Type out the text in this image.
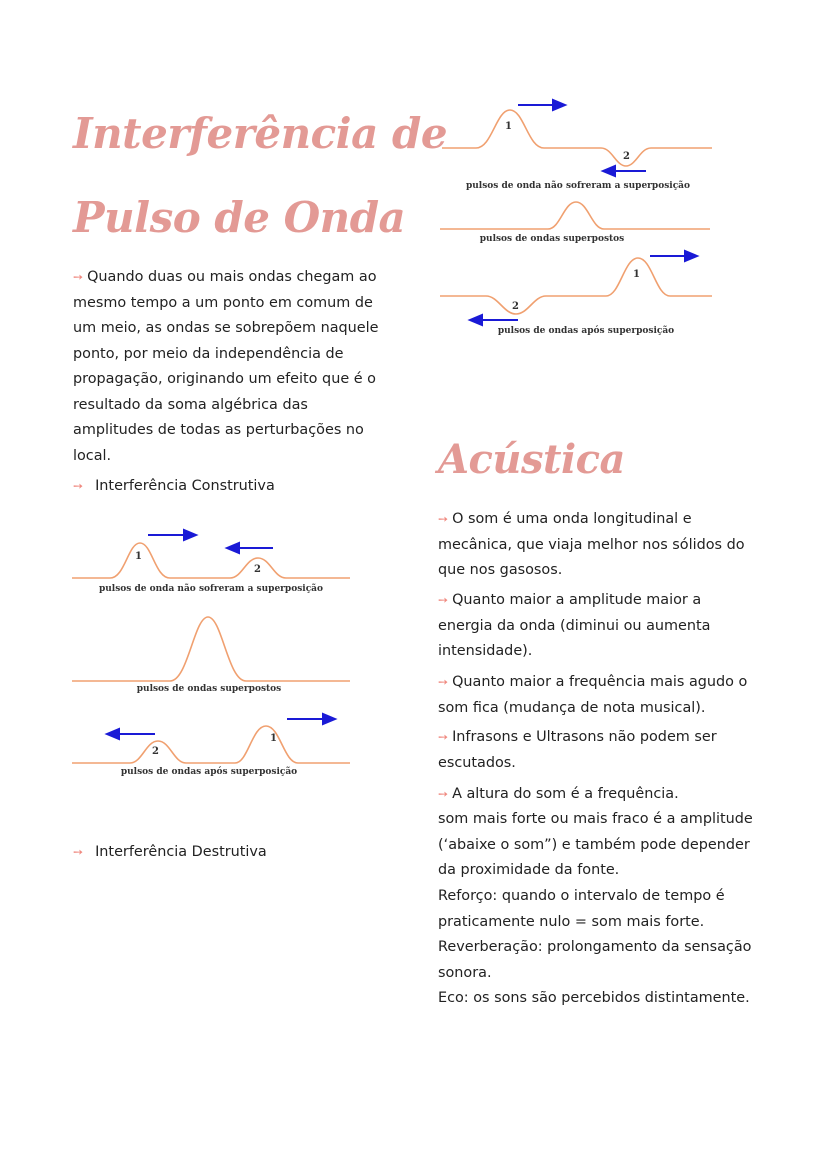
Interferência de
Pulso de Onda

➙ Quando duas ou mais ondas chegam ao mesmo tempo a um ponto em comum de um meio, as ondas se sobrepõem naquele ponto, por meio da independência de propagação, originando um efeito que é o resultado da soma algébrica das amplitudes de todas as perturbações no local.

➙ Interferência Construtiva
1
2
2
1
pulsos de onda não sofreram a superposição
pulsos de ondas superpostos
pulsos de ondas após superposição
➙ Interferência Destrutiva
1
2
1
2
pulsos de onda não sofreram a superposição
pulsos de ondas superpostos
pulsos de ondas após superposição
Acústica

➙ O som é uma onda longitudinal e mecânica, que viaja melhor nos sólidos do que nos gasosos.

➙ Quanto maior a amplitude maior a energia da onda (diminui ou aumenta intensidade).

➙ Quanto maior a frequência mais agudo o som fica (mudança de nota musical).

➙ Infrasons e Ultrasons não podem ser escutados.

➙ A altura do som é a frequência.

som mais forte ou mais fraco é a amplitude (‘abaixe o som”) e também pode depender da proximidade da fonte.

Reforço: quando o intervalo de tempo é praticamente nulo = som mais forte.

Reverberação: prolongamento da sensação sonora.

Eco: os sons são percebidos distintamente.
